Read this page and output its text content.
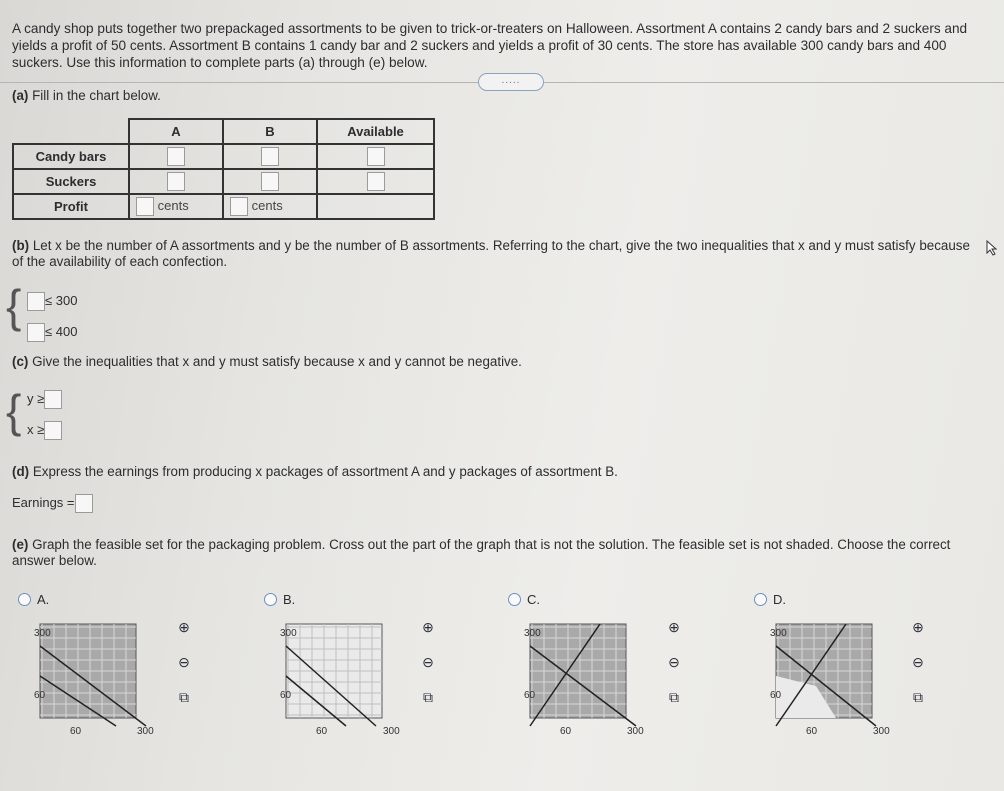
A candy shop puts together two prepackaged assortments to be given to trick-or-treaters on Halloween. Assortment A contains 2 candy bars and 2 suckers and yields a profit of 50 cents. Assortment B contains 1 candy bar and 2 suckers and yields a profit of 30 cents. The store has available 300 candy bars and 400 suckers. Use this information to complete parts (a) through (e) below.
.....
(a) Fill in the chart below.
	A	B	Available
Candy bars			
Suckers			
Profit	cents	cents	
(b) Let x be the number of A assortments and y be the number of B assortments. Referring to the chart, give the two inequalities that x and y must satisfy because of the availability of each confection.
{	≤ 300
≤ 400
(c) Give the inequalities that x and y must satisfy because x and y cannot be negative.
{ y ≥
x ≥
(d) Express the earnings from producing x packages of assortment A and y packages of assortment B.
Earnings =
(e) Graph the feasible set for the packaging problem. Cross out the part of the graph that is not the solution. The feasible set is not shaded. Choose the correct answer below.
A.
300
60
60	300
B.
300
60
60	300
C.
300
60
60	300
D.
300
60
60	300
⊕
⊖
⧉
⊕
⊖
⧉
⊕
⊖
⧉
⊕
⊖
⧉
